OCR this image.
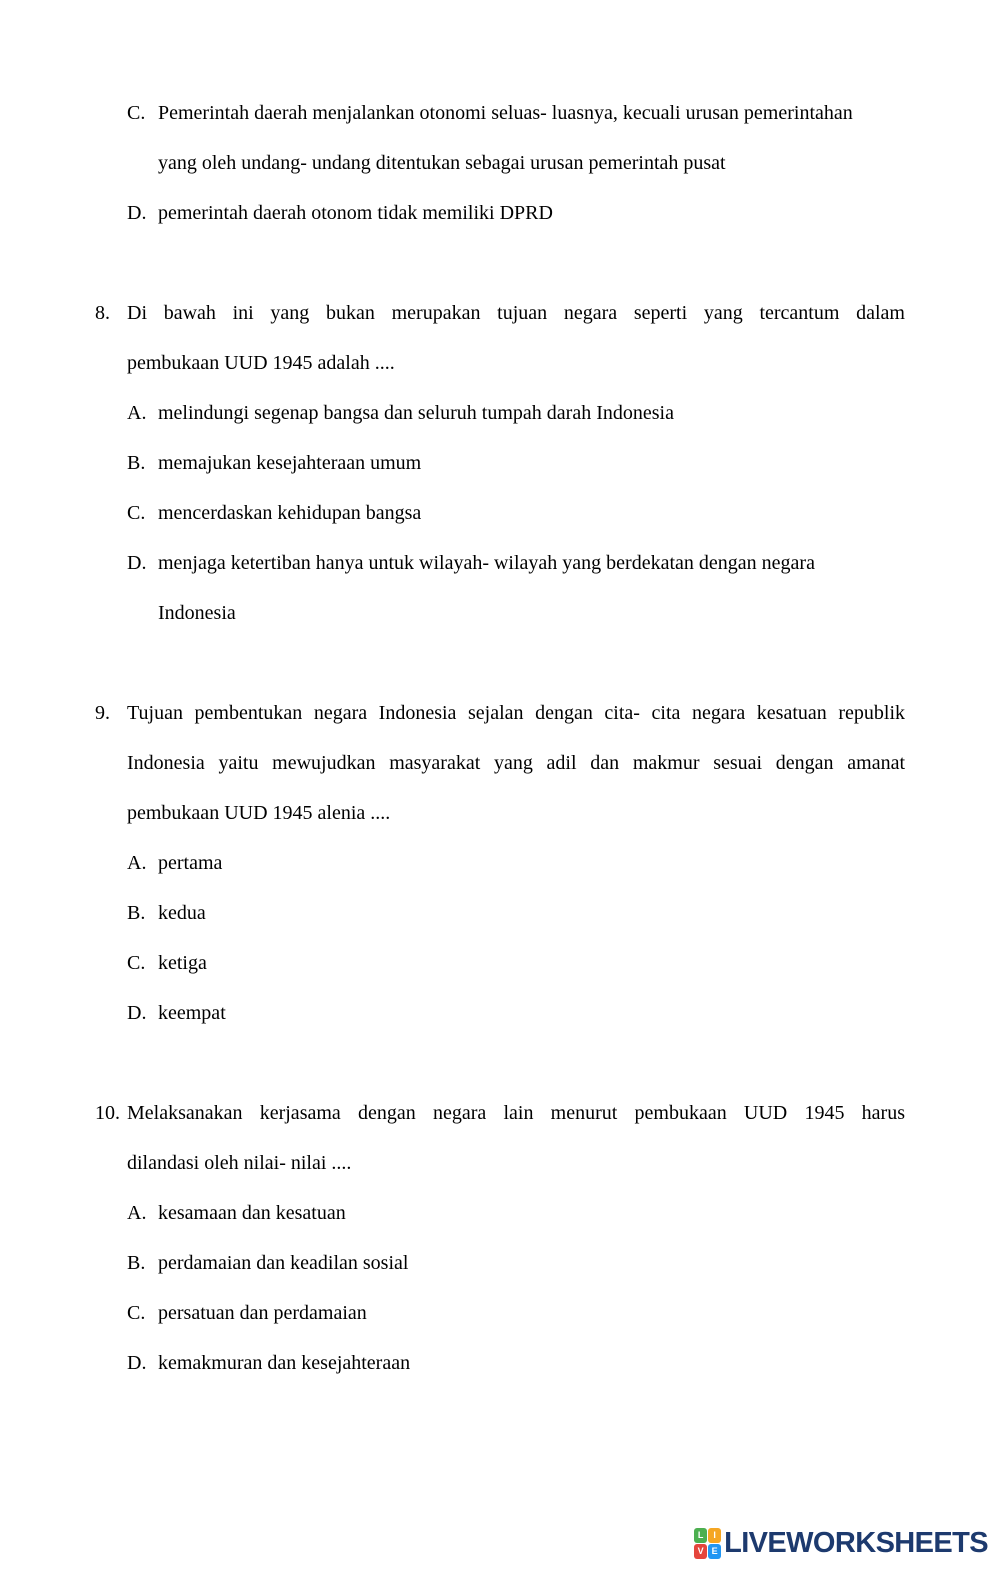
C. Pemerintah daerah menjalankan otonomi seluas- luasnya, kecuali urusan pemerintahan
yang oleh undang- undang ditentukan sebagai urusan pemerintah pusat
D. pemerintah daerah otonom tidak memiliki DPRD
8. Di bawah ini yang bukan merupakan tujuan negara seperti yang tercantum dalam
pembukaan UUD 1945 adalah ....
A. melindungi segenap bangsa dan seluruh tumpah darah Indonesia
B. memajukan kesejahteraan umum
C. mencerdaskan kehidupan bangsa
D. menjaga ketertiban hanya untuk wilayah- wilayah yang berdekatan dengan negara
Indonesia
9. Tujuan pembentukan negara Indonesia sejalan dengan cita- cita negara kesatuan republik
Indonesia yaitu mewujudkan masyarakat yang adil dan makmur sesuai dengan amanat
pembukaan UUD 1945 alenia ....
A. pertama
B. kedua
C. ketiga
D. keempat
10. Melaksanakan kerjasama dengan negara lain menurut pembukaan UUD 1945 harus
dilandasi oleh nilai- nilai ....
A. kesamaan dan kesatuan
B. perdamaian dan keadilan sosial
C. persatuan dan perdamaian
D. kemakmuran dan kesejahteraan
L	I
V E LIVEWORKSHEETS
